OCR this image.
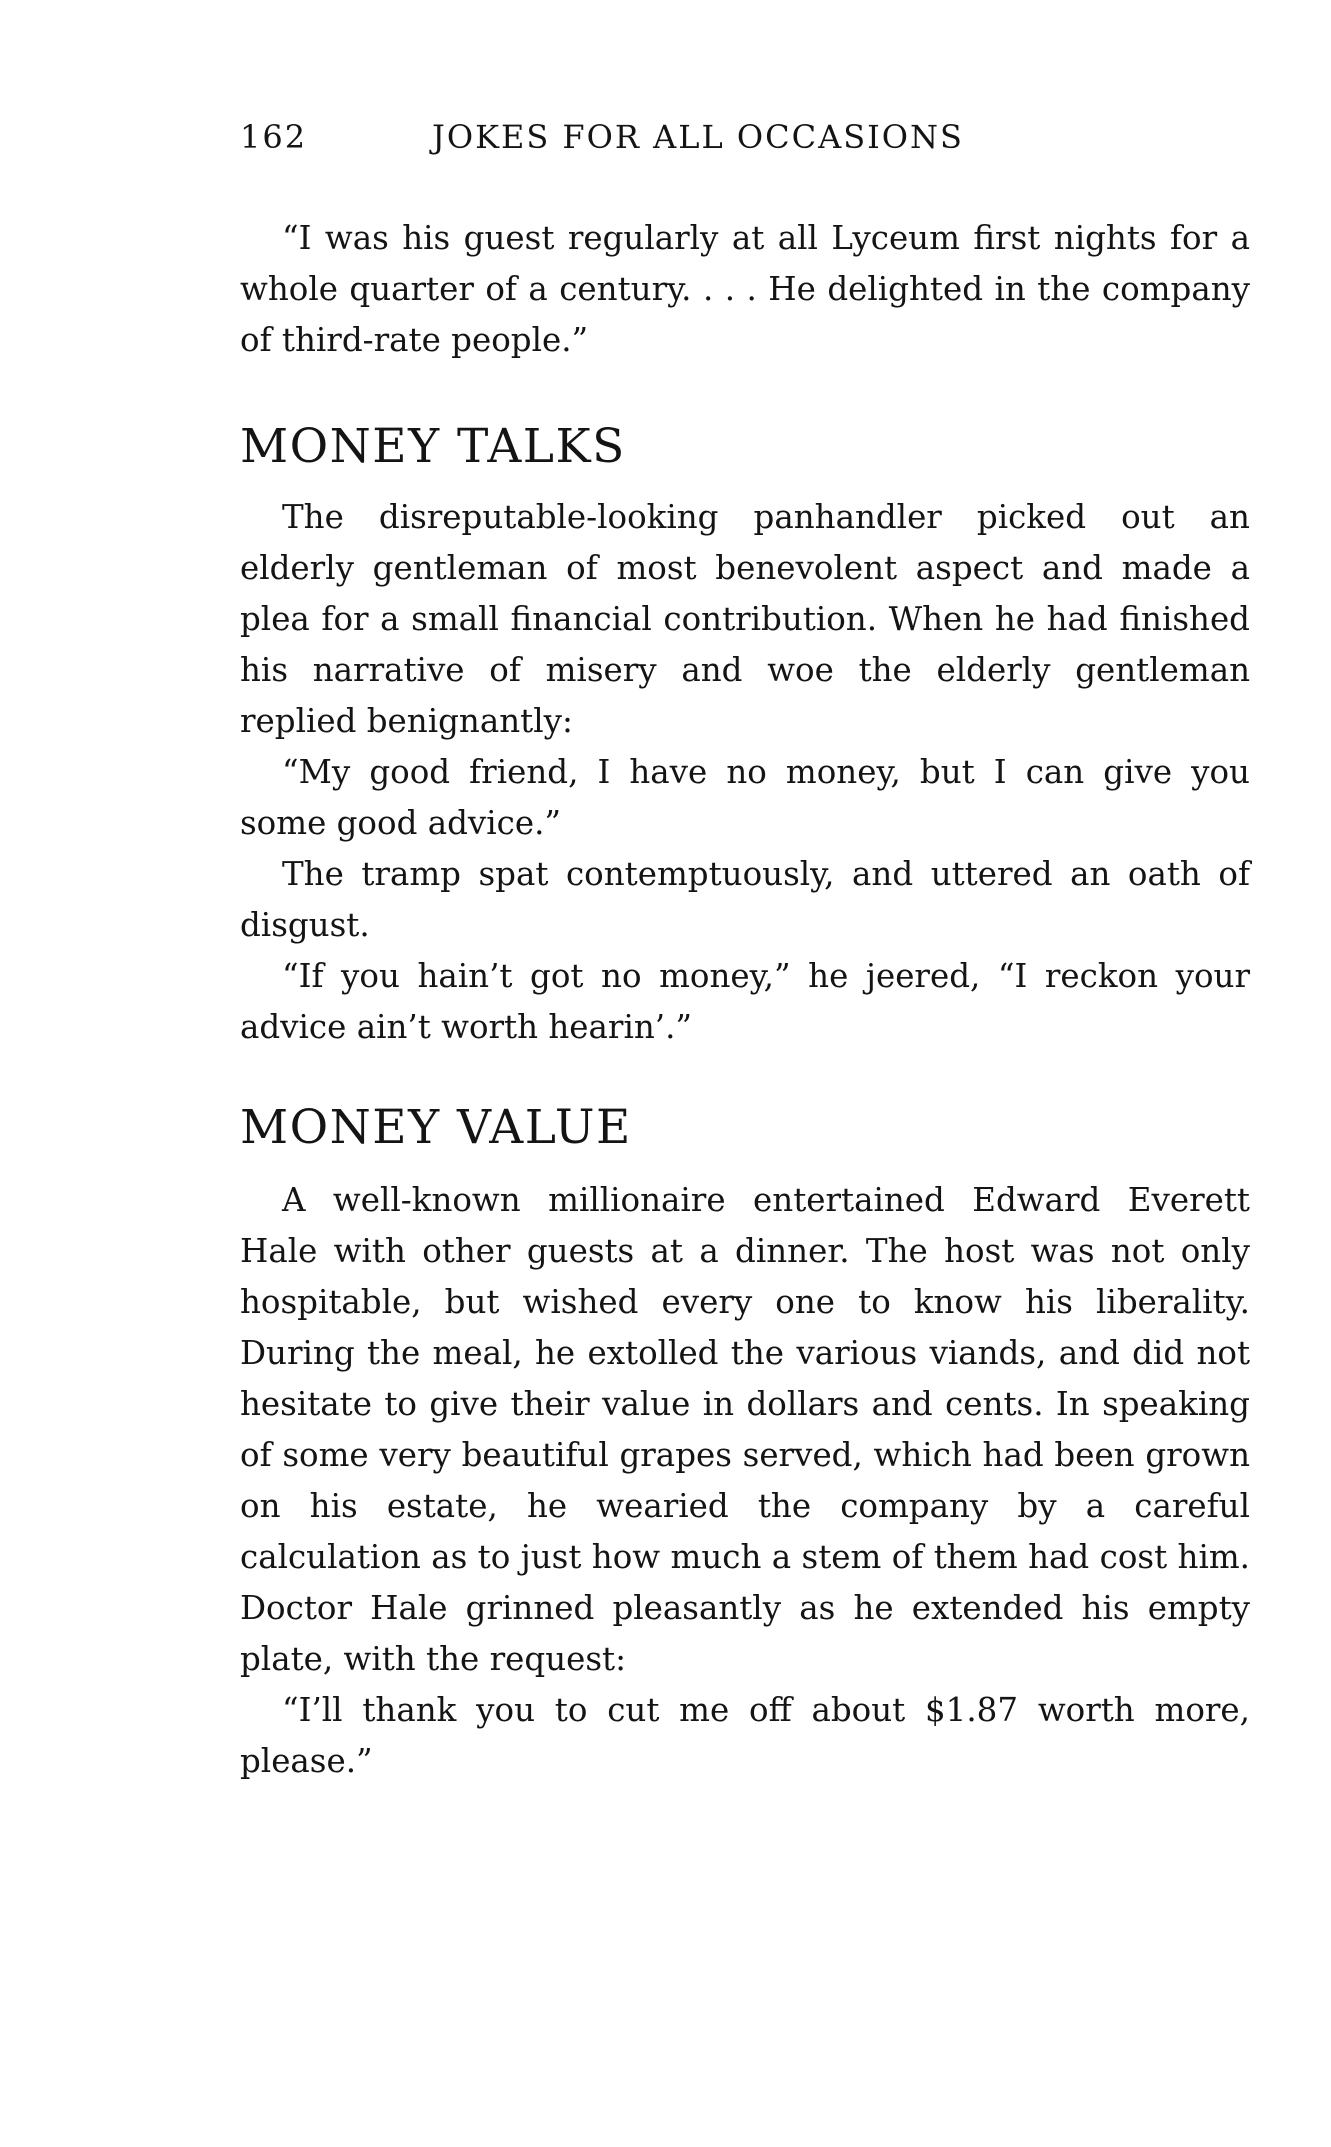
162	JOKES FOR ALL OCCASIONS

“I was his guest regularly at all Lyceum first nights for a whole quarter of a century. . . . He delighted in the company of third-rate people.”

MONEY TALKS

The disreputable-looking panhandler picked out an elderly gentleman of most benevolent aspect and made a plea for a small financial contribution. When he had finished his narrative of misery and woe the elderly gentleman replied benignantly:

“My good friend, I have no money, but I can give you some good advice.”

The tramp spat contemptuously, and uttered an oath of disgust.

“If you hain’t got no money,” he jeered, “I reckon your advice ain’t worth hearin’.”

MONEY VALUE

A well-known millionaire entertained Edward Everett Hale with other guests at a dinner. The host was not only hospitable, but wished every one to know his liberality. During the meal, he extolled the various viands, and did not hesitate to give their value in dollars and cents. In speaking of some very beautiful grapes served, which had been grown on his estate, he wearied the company by a careful calculation as to just how much a stem of them had cost him. Doctor Hale grinned pleasantly as he extended his empty plate, with the request:

“I’ll thank you to cut me off about $1.87 worth more, please.”
